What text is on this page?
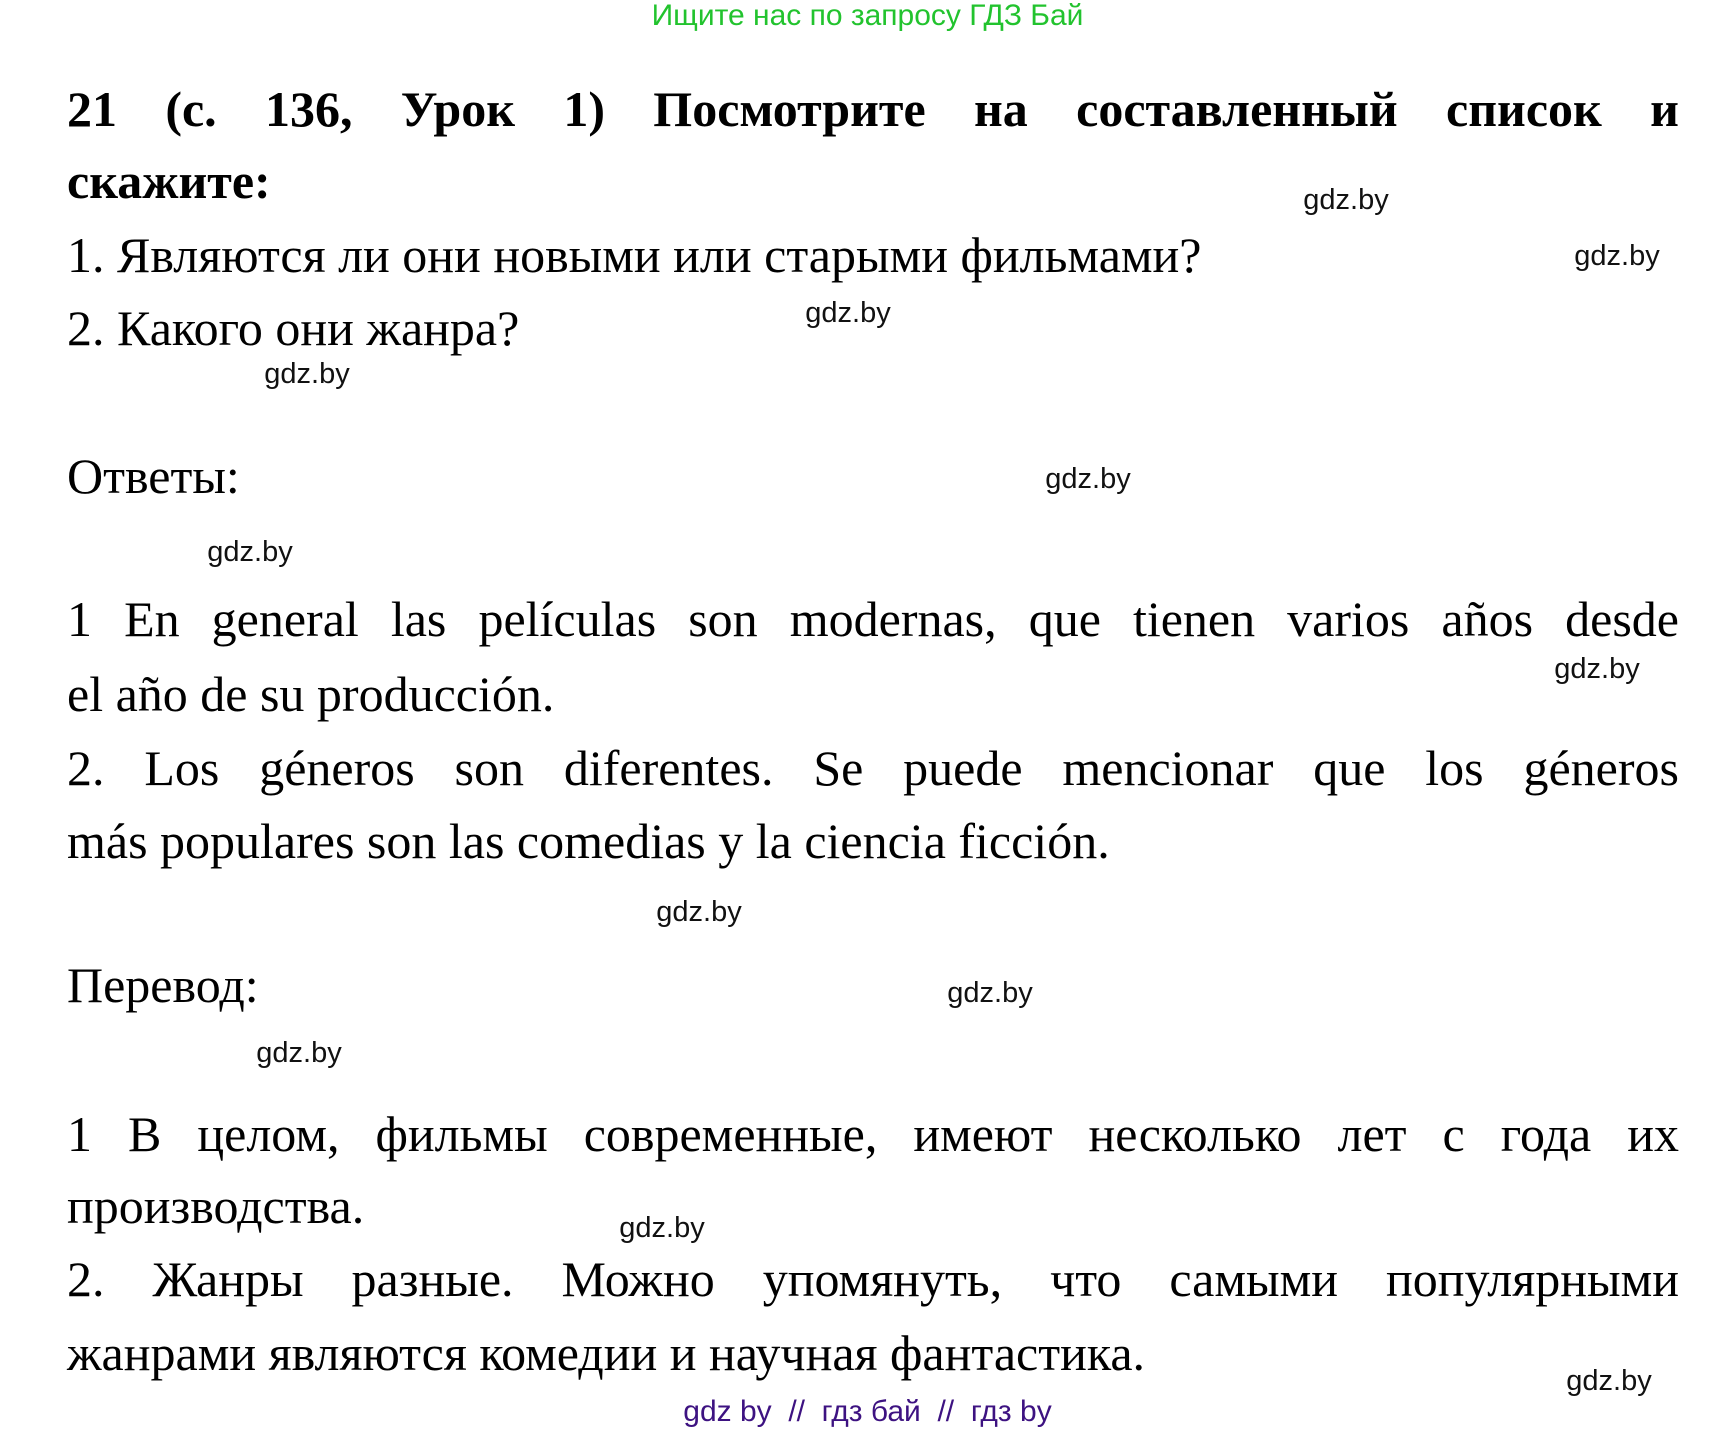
Ищите нас по запросу ГДЗ Бай
21 (с. 136, Урок 1) Посмотрите на составленный список и
скажите:
1. Являются ли они новыми или старыми фильмами?
2. Какого они жанра?
Ответы:
1 En general las películas son modernas, que tienen varios años desde
el año de su producción.
2. Los géneros son diferentes. Se puede mencionar que los géneros
más populares son las comedias y la ciencia ficción.
Перевод:
1 В целом, фильмы современные, имеют несколько лет с года их
производства.
2. Жанры разные. Можно упомянуть, что самыми популярными
жанрами являются комедии и научная фантастика.
gdz.by
gdz.by
gdz.by
gdz.by
gdz.by
gdz.by
gdz.by
gdz.by
gdz.by
gdz.by
gdz.by
gdz.by
gdz by  //  гдз бай  //  гдз by
